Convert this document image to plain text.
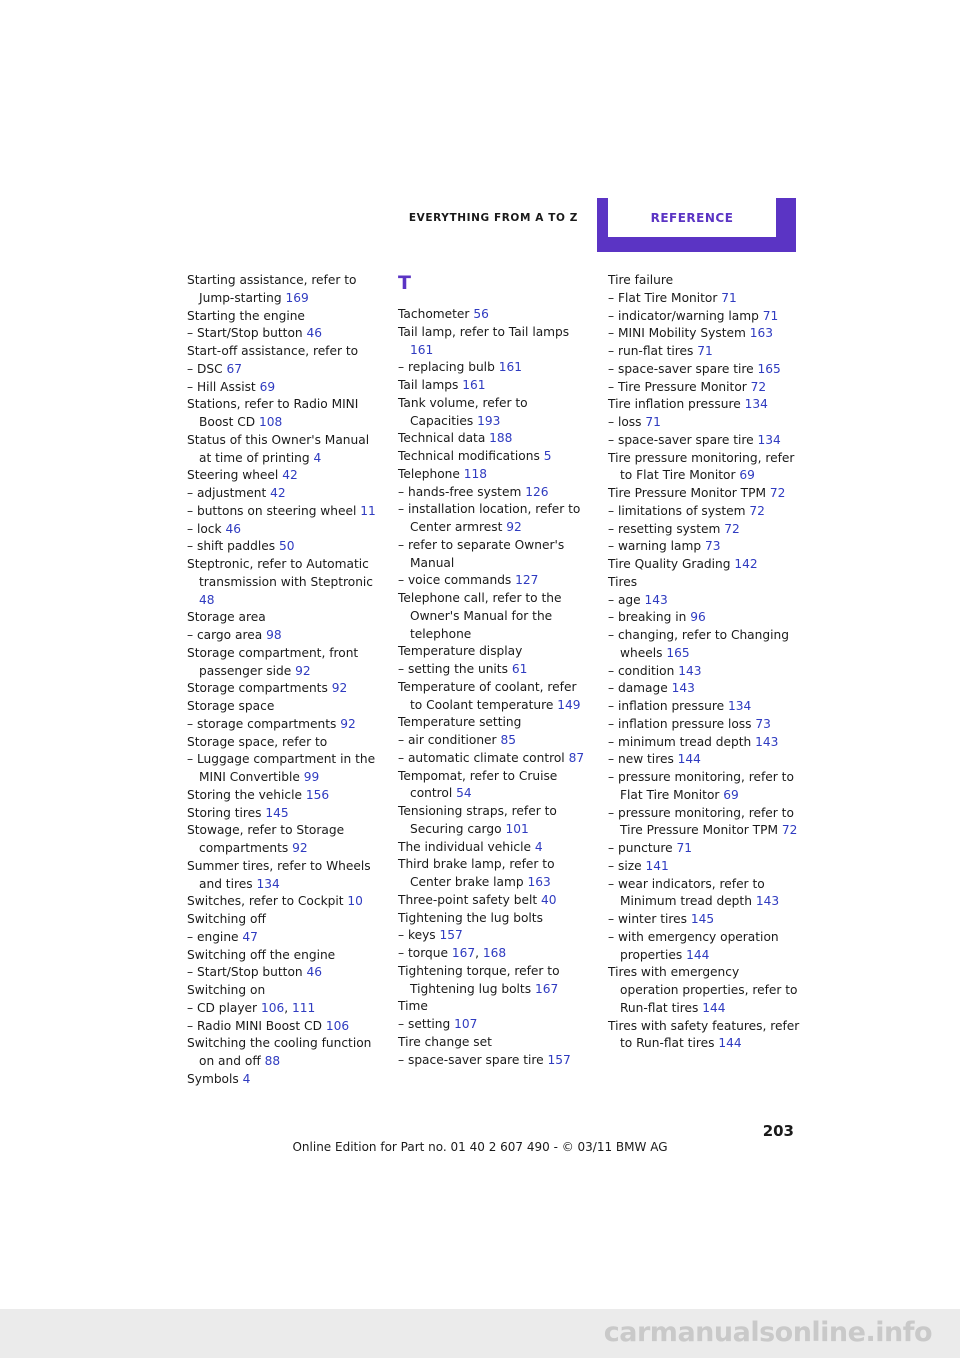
EVERYTHING FROM A TO Z	REFERENCE
Starting assistance, refer to Jump-starting 169
Starting the engine
– Start/Stop button 46
Start-off assistance, refer to
– DSC 67
– Hill Assist 69
Stations, refer to Radio MINI Boost CD 108
Status of this Owner's Manual at time of printing 4
Steering wheel 42
– adjustment 42
– buttons on steering wheel 11
– lock 46
– shift paddles 50
Steptronic, refer to Automatic transmission with Steptronic 48
Storage area
– cargo area 98
Storage compartment, front passenger side 92
Storage compartments 92
Storage space
– storage compartments 92
Storage space, refer to
– Luggage compartment in the MINI Convertible 99
Storing the vehicle 156
Storing tires 145
Stowage, refer to Storage compartments 92
Summer tires, refer to Wheels and tires 134
Switches, refer to Cockpit 10
Switching off
– engine 47
Switching off the engine
– Start/Stop button 46
Switching on
– CD player 106, 111
– Radio MINI Boost CD 106
Switching the cooling function on and off 88
Symbols 4
T
Tachometer 56
Tail lamp, refer to Tail lamps 161
– replacing bulb 161
Tail lamps 161
Tank volume, refer to Capacities 193
Technical data 188
Technical modifications 5
Telephone 118
– hands-free system 126
– installation location, refer to Center armrest 92
– refer to separate Owner's Manual
– voice commands 127
Telephone call, refer to the Owner's Manual for the telephone
Temperature display
– setting the units 61
Temperature of coolant, refer to Coolant temperature 149
Temperature setting
– air conditioner 85
– automatic climate control 87
Tempomat, refer to Cruise control 54
Tensioning straps, refer to Securing cargo 101
The individual vehicle 4
Third brake lamp, refer to Center brake lamp 163
Three-point safety belt 40
Tightening the lug bolts
– keys 157
– torque 167, 168
Tightening torque, refer to Tightening lug bolts 167
Time
– setting 107
Tire change set
– space-saver spare tire 157
Tire failure
– Flat Tire Monitor 71
– indicator/warning lamp 71
– MINI Mobility System 163
– run-flat tires 71
– space-saver spare tire 165
– Tire Pressure Monitor 72
Tire inflation pressure 134
– loss 71
– space-saver spare tire 134
Tire pressure monitoring, refer to Flat Tire Monitor 69
Tire Pressure Monitor TPM 72
– limitations of system 72
– resetting system 72
– warning lamp 73
Tire Quality Grading 142
Tires
– age 143
– breaking in 96
– changing, refer to Changing wheels 165
– condition 143
– damage 143
– inflation pressure 134
– inflation pressure loss 73
– minimum tread depth 143
– new tires 144
– pressure monitoring, refer to Flat Tire Monitor 69
– pressure monitoring, refer to Tire Pressure Monitor TPM 72
– puncture 71
– size 141
– wear indicators, refer to Minimum tread depth 143
– winter tires 145
– with emergency operation properties 144
Tires with emergency operation properties, refer to Run-flat tires 144
Tires with safety features, refer to Run-flat tires 144
203
Online Edition for Part no. 01 40 2 607 490 - © 03/11 BMW AG
carmanualsonline.info
